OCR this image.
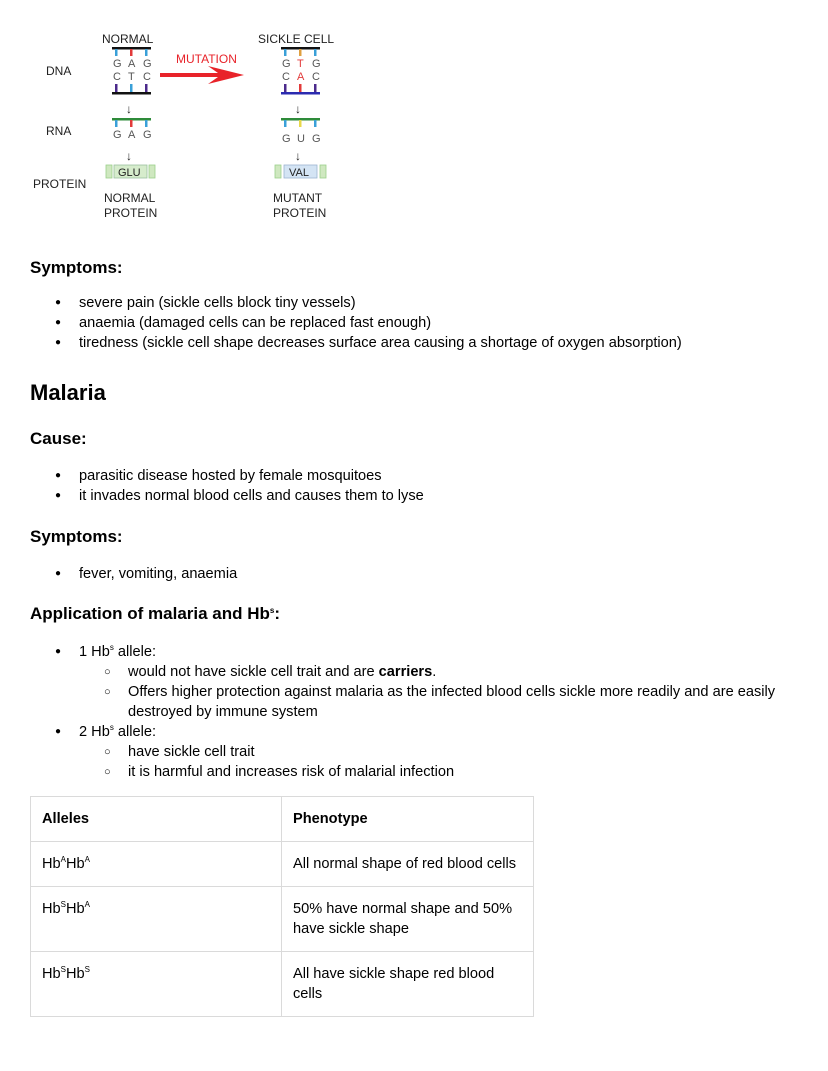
DNA
RNA
PROTEIN
NORMAL
G A G
C T C
↓
G A G
↓
GLU
NORMAL
PROTEIN
MUTATION
SICKLE CELL
G T G
C A C
↓
G U G
↓
VAL
MUTANT
PROTEIN
Symptoms:
● severe pain (sickle cells block tiny vessels)
● anaemia (damaged cells can be replaced fast enough)
● tiredness (sickle cell shape decreases surface area causing a shortage of oxygen absorption)
Malaria
Cause:
● parasitic disease hosted by female mosquitoes
● it invades normal blood cells and causes them to lyse
Symptoms:
● fever, vomiting, anaemia
Application of malaria and Hb$^s$:
● 1 Hb$^s$ allele:
○ would not have sickle cell trait and are carriers.
○ Offers higher protection against malaria as the infected blood cells sickle more readily and are easily destroyed by immune system
● 2 Hb$^s$ allele:
○ have sickle cell trait
○ it is harmful and increases risk of malarial infection
Alleles	Phenotype
$Hb^AHb^A$	All normal shape of red blood cells
$Hb^SHb^A$	50% have normal shape and 50% have sickle shape
$Hb^SHb^S$	All have sickle shape red blood cells
